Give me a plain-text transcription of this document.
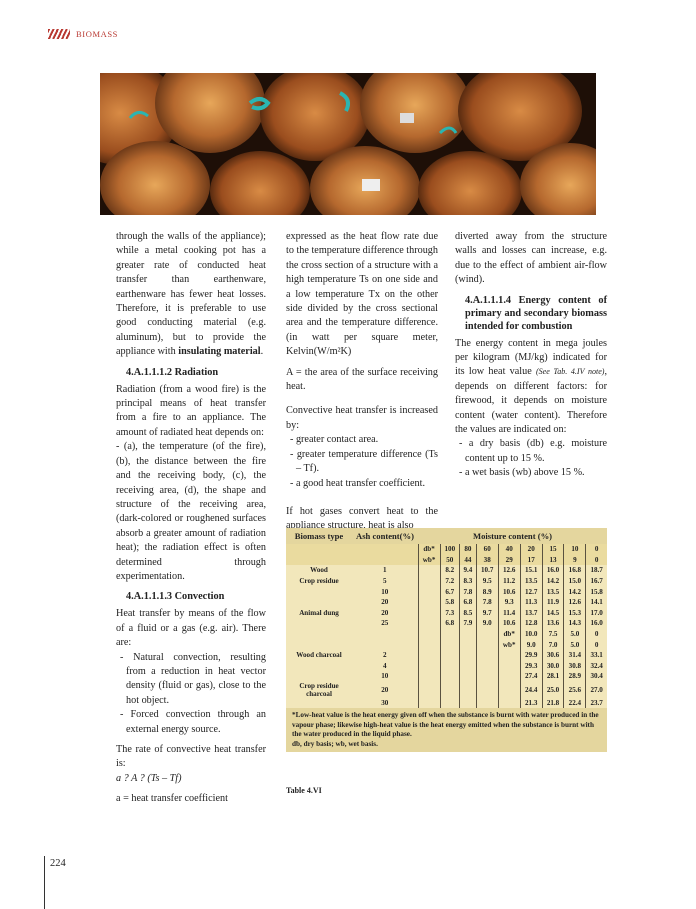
BIOMASS

through the walls of the appliance); while a metal cooking pot has a greater rate of conducted heat transfer than earthenware, earthenware has fewer heat losses. Therefore, it is preferable to use good conducting material (e.g. aluminum), but to provide the appliance with insulating material.

4.A.1.1.1.2 Radiation

Radiation (from a wood fire) is the principal means of heat transfer from a fire to an appliance. The amount of radiated heat depends on:

- (a), the temperature (of the fire), (b), the distance between the fire and the receiving body, (c), the receiving area, (d), the shape and structure of the receiving area, (dark-colored or roughened surfaces absorb a greater amount of radiation heat); the radiation effect is often determined through experimentation.

4.A.1.1.1.3 Convection

Heat transfer by means of the flow of a fluid or a gas (e.g. air). There are:

- Natural convection, resulting from a reduction in heat vector density (fluid or gas), close to the hot object.

- Forced convection through an external energy source.

The rate of convective heat transfer is:

a ? A ? (Ts – Tf)

a = heat transfer coefficient

expressed as the heat flow rate due to the temperature difference through the cross section of a structure with a high temperature Ts on one side and a low temperature Tx on the other side divided by the cross sectional area and the temperature difference. (in watt per square meter, Kelvin(W/m²K)

A = the area of the surface receiving heat.

Convective heat transfer is increased by:

- greater contact area.

- greater temperature difference (Ts – Tf).

- a good heat transfer coefficient.

If hot gases convert heat to the appliance structure, heat is also

diverted away from the structure walls and losses can increase, e.g. due to the effect of ambient air-flow (wind).

4.A.1.1.1.4 Energy content of primary and secondary biomass intended for combustion

The energy content in mega joules per kilogram (MJ/kg) indicated for its low heat value (See Tab. 4.IV note), depends on different factors: for firewood, it depends on moisture content (water content). Therefore the values are indicated on:

- a dry basis (db) e.g. moisture content up to 15 %.

- a wet basis (wb) above 15 %.

Biomass type	Ash content(%)	Moisture content (%)								
		db*	100	80	60	40	20	15	10	0
		wb*	50	44	38	29	17	13	9	0
Wood	1		8.2	9.4	10.7	12.6	15.1	16.0	16.8	18.7
Crop residue	5		7.2	8.3	9.5	11.2	13.5	14.2	15.0	16.7
	10		6.7	7.8	8.9	10.6	12.7	13.5	14.2	15.8
	20		5.8	6.8	7.8	9.3	11.3	11.9	12.6	14.1
Animal dung	20		7.3	8.5	9.7	11.4	13.7	14.5	15.3	17.0
	25		6.8	7.9	9.0	10.6	12.8	13.6	14.3	16.0
						db*	10.0	7.5	5.0	0
						wb*	9.0	7.0	5.0	0
Wood charcoal	2						29.9	30.6	31.4	33.1
	4						29.3	30.0	30.8	32.4
	10						27.4	28.1	28.9	30.4
Crop residue charcoal	20						24.4	25.0	25.6	27.0
	30						21.3	21.8	22.4	23.7
*Low-heat value is the heat energy given off when the substance is burnt with water produced in the vapour phase; likewise high-heat value is the heat energy emitted when the substance is burnt with the water produced in the liquid phase.
db, dry basis; wb, wet basis.
Table 4.VI
224
